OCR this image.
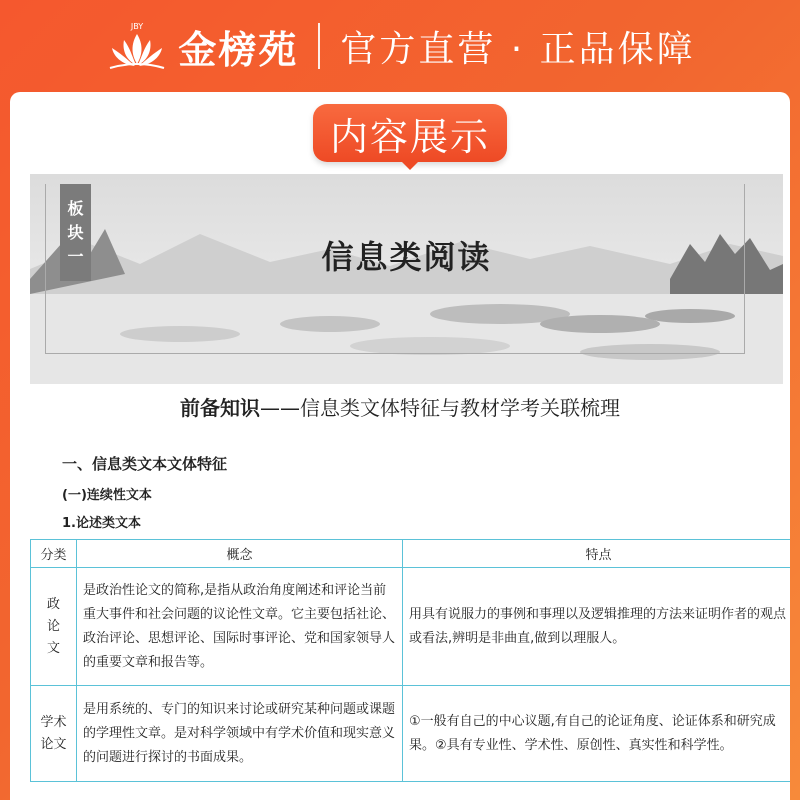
JBY 金榜苑 官方直营 · 正品保障
内容展示
板
块
一	信息类阅读
前备知识——信息类文体特征与教材学考关联梳理
一、信息类文本文体特征
(一)连续性文本
1.论述类文本
分类	概念	特点

政
论
文	是政治性论文的简称,是指从政治角度阐述和评论当前重大事件和社会问题的议论性文章。它主要包括社论、政治评论、思想评论、国际时事评论、党和国家领导人的重要文章和报告等。	用具有说服力的事例和事理以及逻辑推理的方法来证明作者的观点或看法,辨明是非曲直,做到以理服人。

学术
论文	是用系统的、专门的知识来讨论或研究某种问题或课题的学理性文章。是对科学领域中有学术价值和现实意义的问题进行探讨的书面成果。	①一般有自己的中心议题,有自己的论证角度、论证体系和研究成果。②具有专业性、学术性、原创性、真实性和科学性。
